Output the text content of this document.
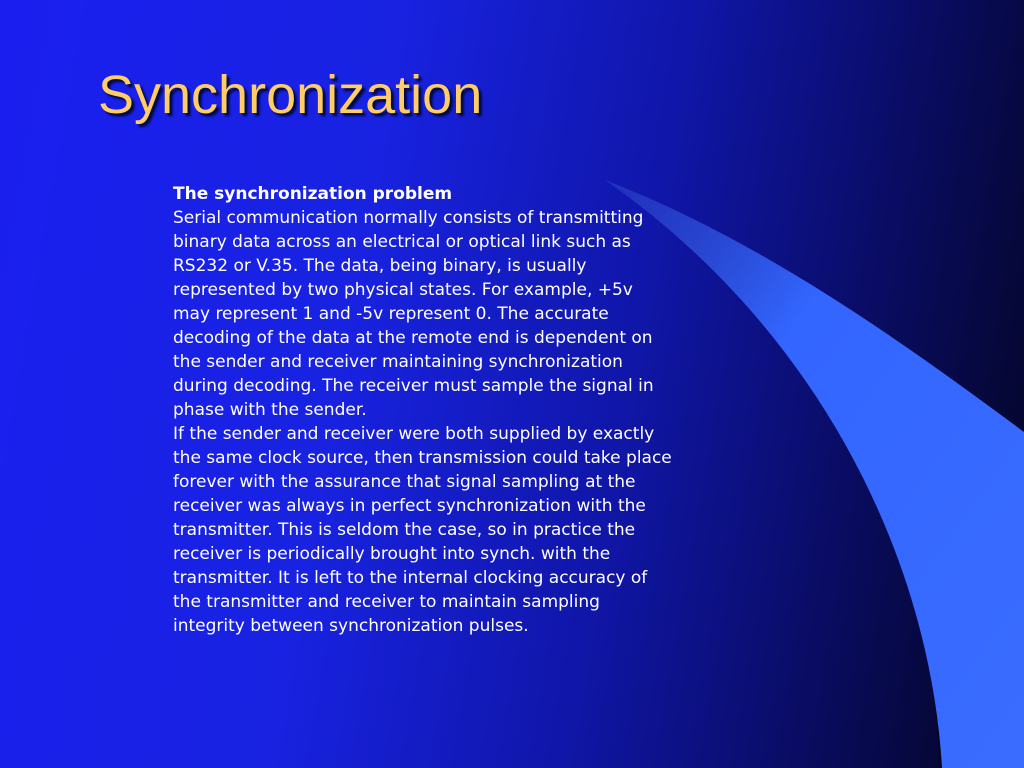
Synchronization

The synchronization problem

Serial communication normally consists of transmitting binary data across an electrical or optical link such as RS232 or V.35. The data, being binary, is usually represented by two physical states. For example, +5v may represent 1 and -5v represent 0. The accurate decoding of the data at the remote end is dependent on the sender and receiver maintaining synchronization during decoding. The receiver must sample the signal in phase with the sender.

If the sender and receiver were both supplied by exactly the same clock source, then transmission could take place forever with the assurance that signal sampling at the receiver was always in perfect synchronization with the transmitter. This is seldom the case, so in practice the receiver is periodically brought into synch. with the transmitter. It is left to the internal clocking accuracy of the transmitter and receiver to maintain sampling integrity between synchronization pulses.
